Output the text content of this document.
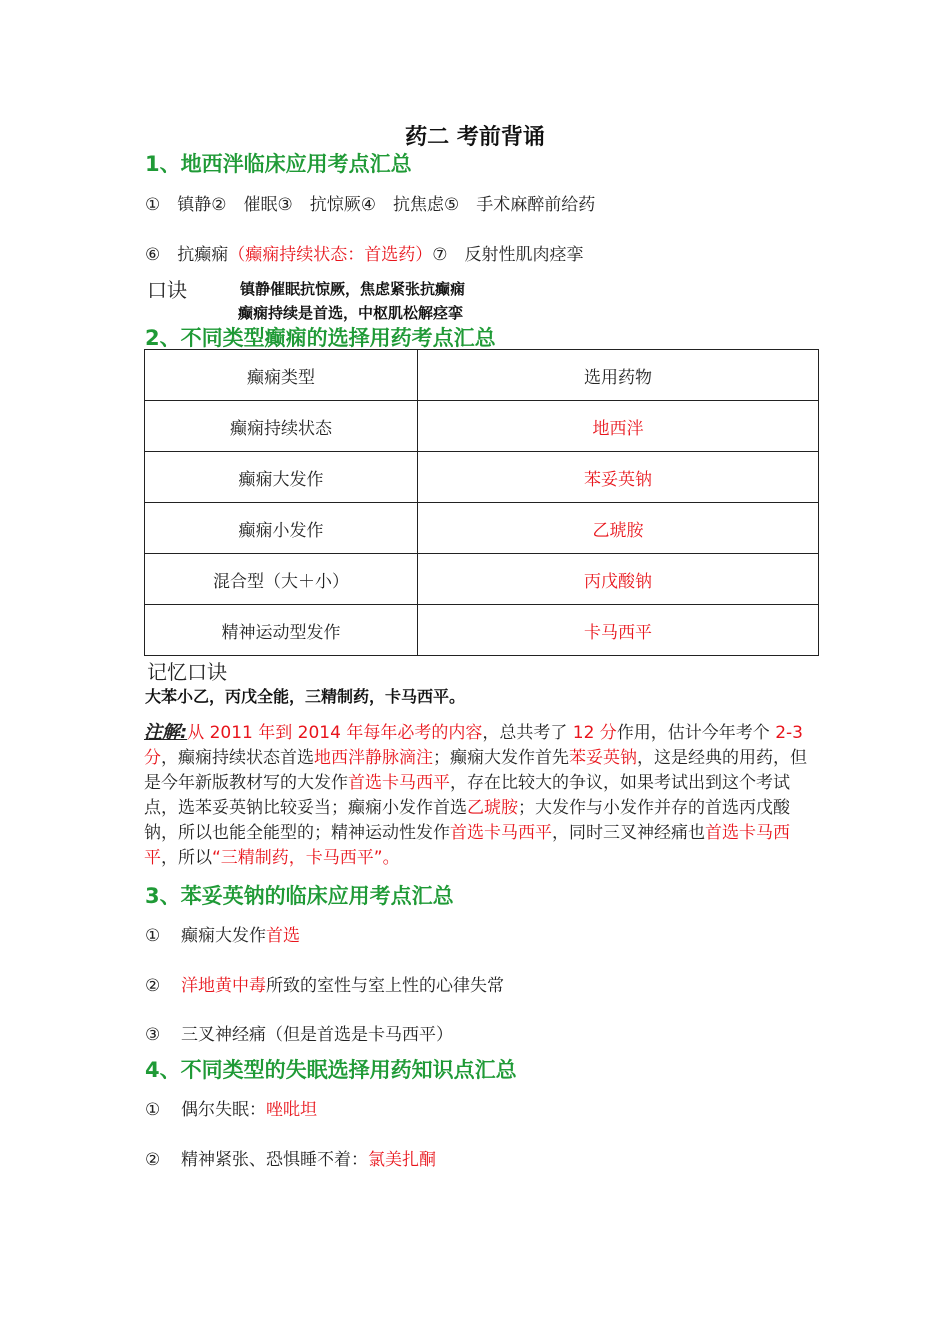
药二 考前背诵
1、地西泮临床应用考点汇总
①　镇静②　催眠③　抗惊厥④　抗焦虑⑤　手术麻醉前给药
⑥　抗癫痫（癫痫持续状态：首选药）⑦　反射性肌肉痉挛
口诀	镇静催眠抗惊厥，焦虑紧张抗癫痫
癫痫持续是首选，中枢肌松解痉挛
2、不同类型癫痫的选择用药考点汇总
癫痫类型	选用药物
癫痫持续状态	地西泮
癫痫大发作	苯妥英钠
癫痫小发作	乙琥胺
混合型（大＋小）	丙戊酸钠
精神运动型发作	卡马西平
记忆口诀
大苯小乙，丙戊全能，三精制药，卡马西平。
注解:从 2011 年到 2014 年每年必考的内容，总共考了 12 分作用，估计今年考个 2-3 分，癫痫持续状态首选地西泮静脉滴注；癫痫大发作首先苯妥英钠，这是经典的用药，但是今年新版教材写的大发作首选卡马西平，存在比较大的争议，如果考试出到这个考试点，选苯妥英钠比较妥当；癫痫小发作首选乙琥胺；大发作与小发作并存的首选丙戊酸钠，所以也能全能型的；精神运动性发作首选卡马西平，同时三叉神经痛也首选卡马西平，所以“三精制药，卡马西平”。
3、苯妥英钠的临床应用考点汇总
① 癫痫大发作首选
② 洋地黄中毒所致的室性与室上性的心律失常
③ 三叉神经痛（但是首选是卡马西平）
4、不同类型的失眠选择用药知识点汇总
① 偶尔失眠：唑吡坦
② 精神紧张、恐惧睡不着：氯美扎酮
